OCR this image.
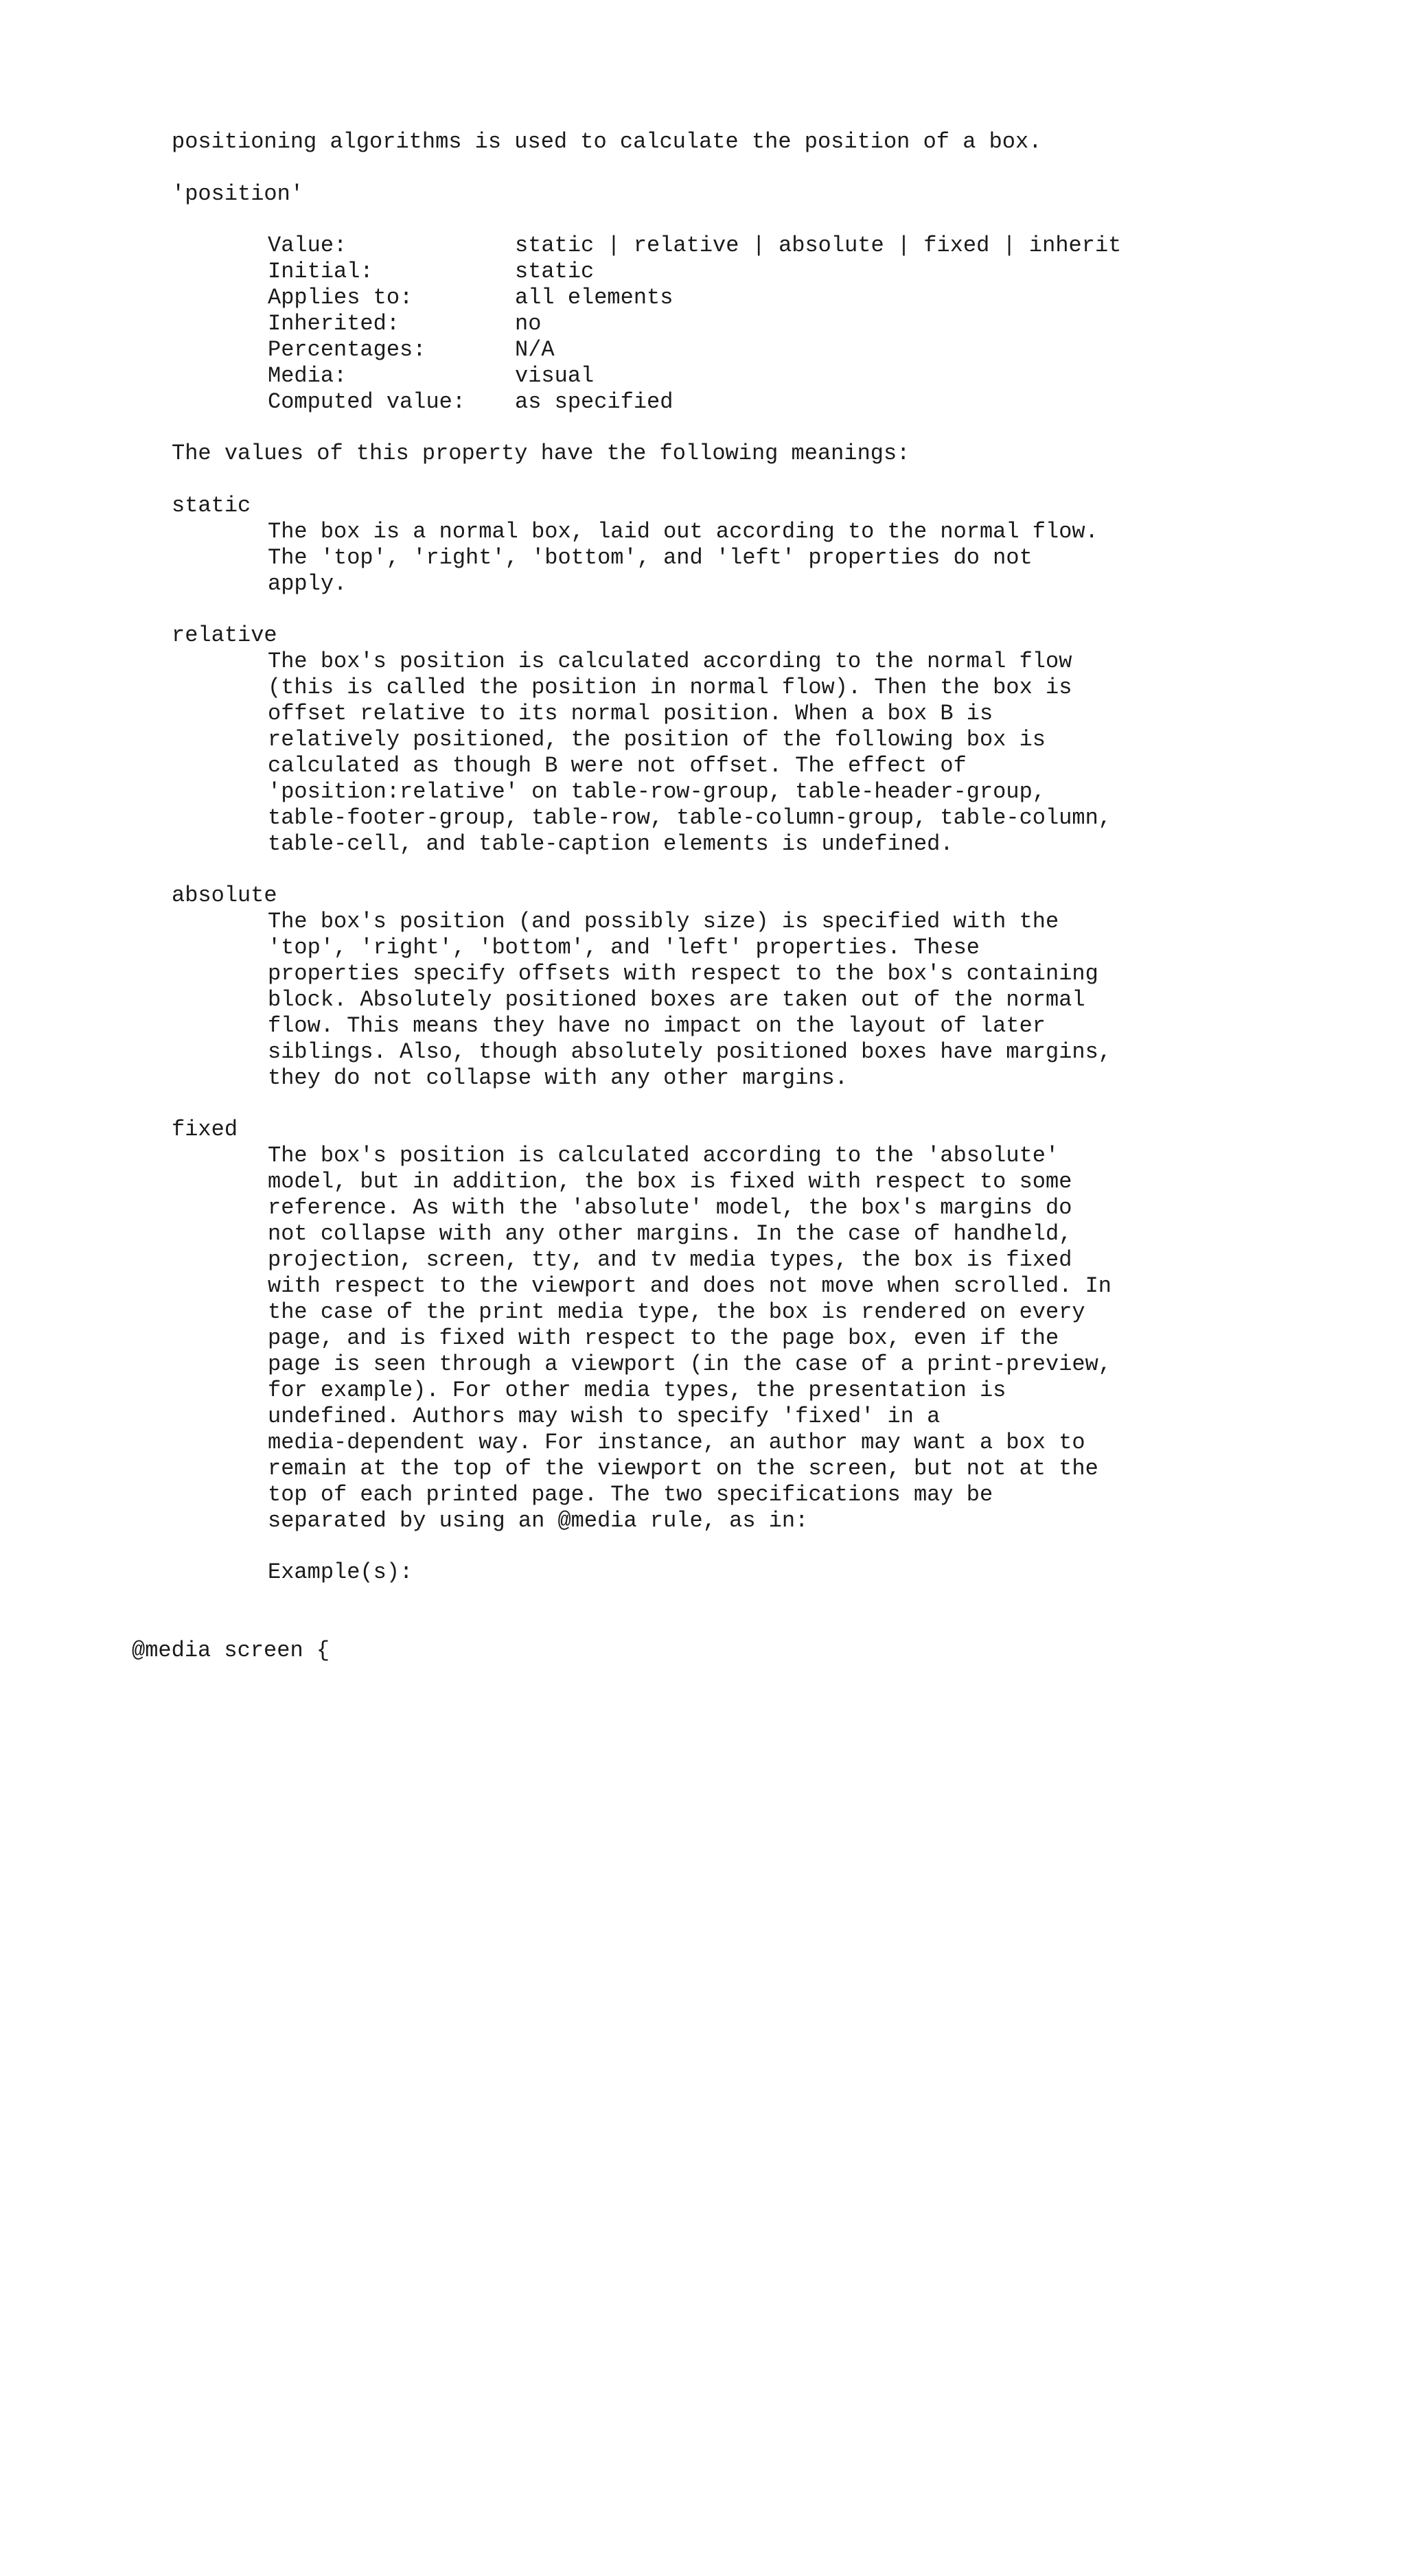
positioning algorithms is used to calculate the position of a box.

'position'

Value:

	static | relative | absolute | fixed | inherit

Initial:

	static

Applies to:

	all elements

Inherited:

	no

Percentages:

	N/A

Media:

	visual

Computed value:

as specified

The values of this property have the following meanings:

static

The box is a normal box, laid out according to the normal flow.

The 'top', 'right', 'bottom', and 'left' properties do not

apply.

relative

The box's position is calculated according to the normal flow

(this is called the position in normal flow). Then the box is

offset relative to its normal position. When a box B is

relatively positioned, the position of the following box is

calculated as though B were not offset. The effect of

'position:relative' on table-row-group, table-header-group,

table-footer-group, table-row, table-column-group, table-column,

table-cell, and table-caption elements is undefined.

absolute

The box's position (and possibly size) is specified with the

'top', 'right', 'bottom', and 'left' properties. These

properties specify offsets with respect to the box's containing

block. Absolutely positioned boxes are taken out of the normal

flow. This means they have no impact on the layout of later

siblings. Also, though absolutely positioned boxes have margins,

they do not collapse with any other margins.

fixed

The box's position is calculated according to the 'absolute'

model, but in addition, the box is fixed with respect to some

reference. As with the 'absolute' model, the box's margins do

not collapse with any other margins. In the case of handheld,

projection, screen, tty, and tv media types, the box is fixed

with respect to the viewport and does not move when scrolled. In

the case of the print media type, the box is rendered on every

page, and is fixed with respect to the page box, even if the

page is seen through a viewport (in the case of a print-preview,

for example). For other media types, the presentation is

undefined. Authors may wish to specify 'fixed' in a

media-dependent way. For instance, an author may want a box to

remain at the top of the viewport on the screen, but not at the

top of each printed page. The two specifications may be

separated by using an @media rule, as in:

Example(s):

@media screen {
